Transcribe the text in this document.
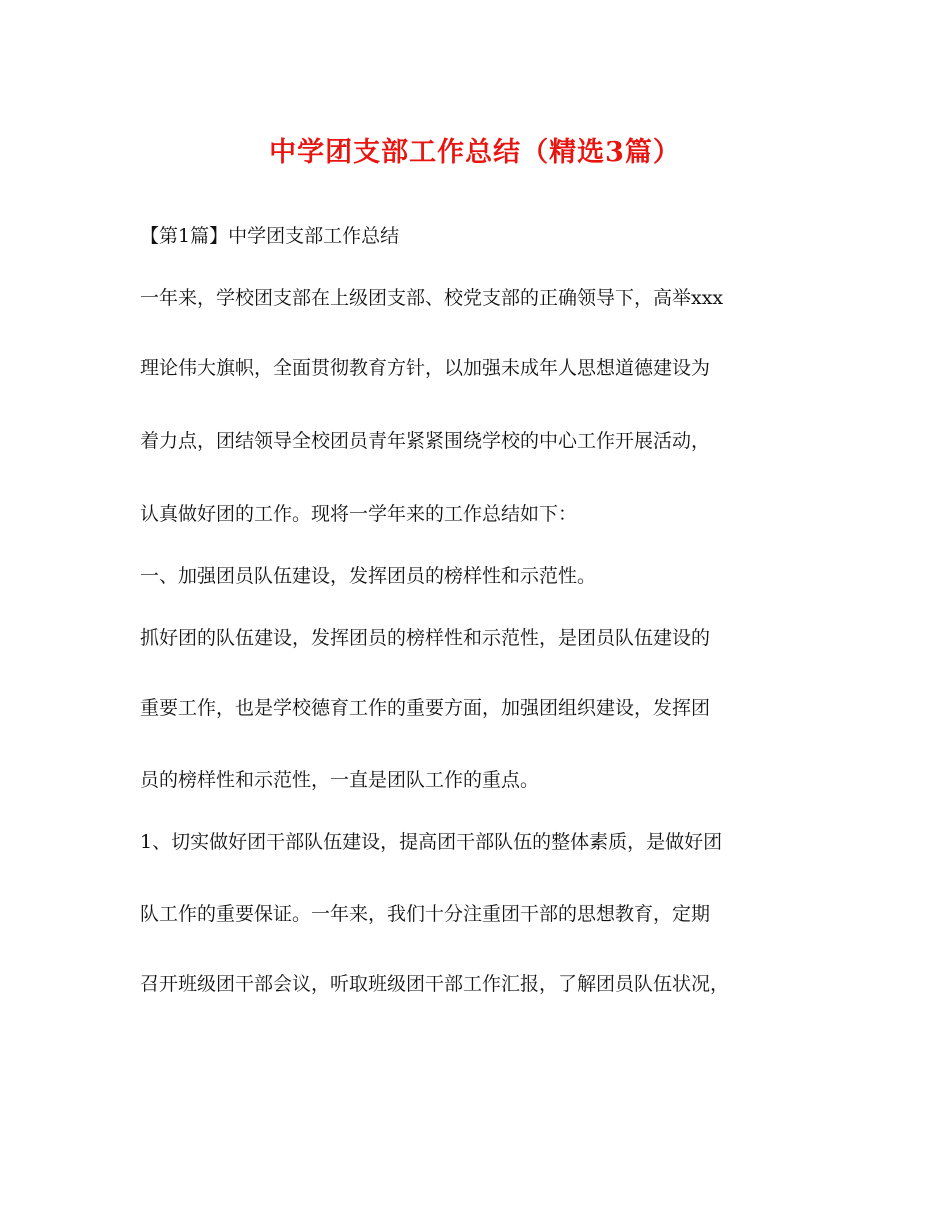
中学团支部工作总结（精选3篇）
【第1篇】中学团支部工作总结
一年来，学校团支部在上级团支部、校党支部的正确领导下，高举xxx
理论伟大旗帜，全面贯彻教育方针，以加强未成年人思想道德建设为
着力点，团结领导全校团员青年紧紧围绕学校的中心工作开展活动，
认真做好团的工作。现将一学年来的工作总结如下：
一、加强团员队伍建设，发挥团员的榜样性和示范性。
抓好团的队伍建设，发挥团员的榜样性和示范性，是团员队伍建设的
重要工作，也是学校德育工作的重要方面，加强团组织建设，发挥团
员的榜样性和示范性，一直是团队工作的重点。
1、切实做好团干部队伍建设，提高团干部队伍的整体素质，是做好团
队工作的重要保证。一年来，我们十分注重团干部的思想教育，定期
召开班级团干部会议，听取班级团干部工作汇报，了解团员队伍状况，
